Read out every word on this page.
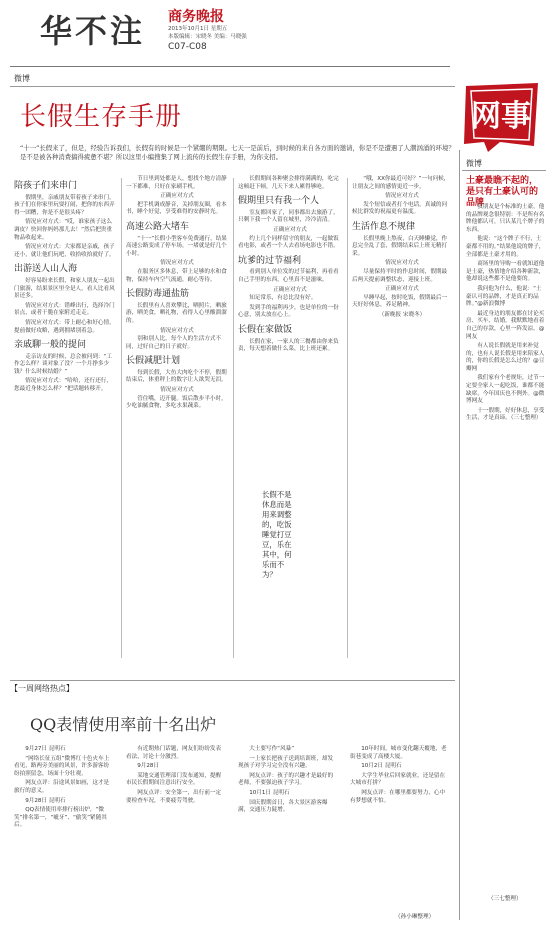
华不注 商务晚报
2013年10月1日 星期五
本版编辑：宋晓冬 美编：马晓强
C07-C08
网事
微博
长假生存手册
“十一”长假来了，但是，经验告诉我们，长假有的时候是一个紧绷的期限。七天一是前后，到时候的来自各方面的邀请，你是不是遭遇了人潮汹涌的环境？是不是被各种消费搞得疲惫不堪？所以这里小编搜集了网上流传的长假生存手册，为你支招。
陪孩子们来串门

假期里，亲戚朋友带着孩子来串门，孩子们在你家里玩耍打闹，把你的东西弄得一团糟，你是不是很头疼？

情况应对方式：“哎，谁家孩子这么调皮？快回你妈妈那儿去！”然后把贵重物品收起来。

情况应对方式：大家都是亲戚，孩子还小，就让他们玩吧，收拾收拾就好了。

出游送人山人海

好容易盼来长假，和家人朋友一起出门旅游，结果景区里全是人，看人比看风景还多。

情况应对方式：错峰出行，选择冷门景点，或者干脆在家附近走走。

情况应对方式：带上耐心和好心情，提前做好攻略，遇到拥堵别着急。

亲戚聊一般的提问

走亲访友的时候，总会被问到：“工作怎么样？谈对象了没？一个月挣多少钱？什么时候结婚？”

情况应对方式：“哈哈，还行还行，您最近身体怎么样？”把话题转移开。

节日里到处都是人，想找个地方清静一下都难，只好在家刷手机。

正确应对方式

把手机调成静音，关掉朋友圈，看本书，睡个好觉，享受难得的安静时光。

高速公路大堵车

“十一”长假小型客车免费通行，结果高速公路变成了停车场，一堵就是好几个小时。

情况应对方式

在服务区多休息，带上足够的水和食物，保持车内空气流通，耐心等待。

长假防毒通盐筋

长假里有人喜欢攀比，晒照片，晒旅游，晒美食，晒礼物，看得人心里酸溜溜的。

情况应对方式

别和别人比，每个人的生活方式不同，过好自己的日子就好。

长假减肥计划

每到长假，大鱼大肉吃个不停，假期结束后，体重秤上的数字让人欲哭无泪。

情况应对方式

管住嘴，迈开腿。饭后散步半小时，少吃油腻食物，多吃水果蔬菜。

长假期间各种聚会排得满满的，吃完这顿赶下顿，几天下来人累得够呛。

假期里只有我一个人

室友都回家了，同事都出去旅游了，只剩下我一个人留在城里，冷冷清清。

正确应对方式

约上几个同样留守的朋友，一起做饭看电影，或者一个人去看场电影也不错。

坑爹的过节福利

看到别人单位发的过节福利，再看看自己手里的东西，心里真不是滋味。

正确应对方式

知足常乐，有总比没有好。

发到手的福利再少，也是单位的一份心意，别太放在心上。

长假在家做饭

长假在家，一家人的三餐都由你来负责，每天想着做什么菜，比上班还累。

长假不是休息而是用来调整的，吃饭睡觉打豆豆，乐在其中，何乐而不为？

“哦，XX你最近可好？”一句问候，让朋友之间的感情更近一步。

情况应对方式

发个短信或者打个电话，真诚的问候比群发的祝福更有温度。

生活作息不规律

长假里晚上熬夜，白天睡懒觉，作息完全乱了套，假期结束后上班无精打采。

情况应对方式

尽量保持平时的作息时间，假期最后两天提前调整状态，迎接上班。

正确应对方式

早睡早起，按时吃饭，假期最后一天好好休息，养足精神。

（新晚报 宋晓冬）

微博
土豪最瞧不起的，是只有土豪认可的品牌

我朋友是个标准的土豪，他的品牌观念很特别：不是所有名牌他都认可，只认某几个牌子的东西。

他说：“这个牌子不行，土豪都不用的。”结果他说的牌子，全部都是土豪才用的。

商场里的导购一看就知道他是土豪，热情地介绍各种新款，他却说这些都不是他要的。

我问他为什么，他说：“土豪认可的品牌，才是真正的品牌。”@新浪微博

最近身边的朋友都在讨论买房、买车、结婚，我默默地看着自己的存款，心里一阵发凉。@网友

有人说长假就是用来补觉的，也有人说长假是用来陪家人的，你的长假是怎么过的？@豆瓣网

我们家有个老规矩，过节一定要全家人一起吃饭，谁都不能缺席。今年国庆也不例外。@微博网友

十一假期，好好休息，享受生活，才是真谛。（三七整理）

【一周网络热点】
QQ表情使用率前十名出炉

9月27日 昆明石

“网络长征五组”微博红十色火车上看见，路两旁美丽的风景，许多游客纷纷拍照留念，场面十分壮观。

网友点评：沿途风景如画，这才是旅行的意义。

9月28日 昆明石

QQ表情使用率排行榜出炉，“微笑”排名第一，“呲牙”、“偷笑”紧随其后。

有近期热门话题，网友们纷纷发表看法，讨论十分激烈。

9月28日

某地交通管理部门发布通知，提醒市民长假期间注意出行安全。

网友点评：安全第一，出行前一定要检查车况，不要疲劳驾驶。

大士要写作“风暴”

一上家长把孩子送到培训班，却发现孩子对学习完全没有兴趣。

网友点评：孩子的兴趣才是最好的老师，不要强迫孩子学习。

10月1日 昆明石

国庆假期首日，各大景区游客爆满，交通压力陡增。

10年时间，城市变化翻天覆地，老街巷变成了高楼大厦。

10月2日 昆明石

大学生毕业后回家就业，还是留在大城市打拼？

网友点评：在哪里都要努力，心中有梦想就不怕。

（孙小琳整理）
（三七整理）
